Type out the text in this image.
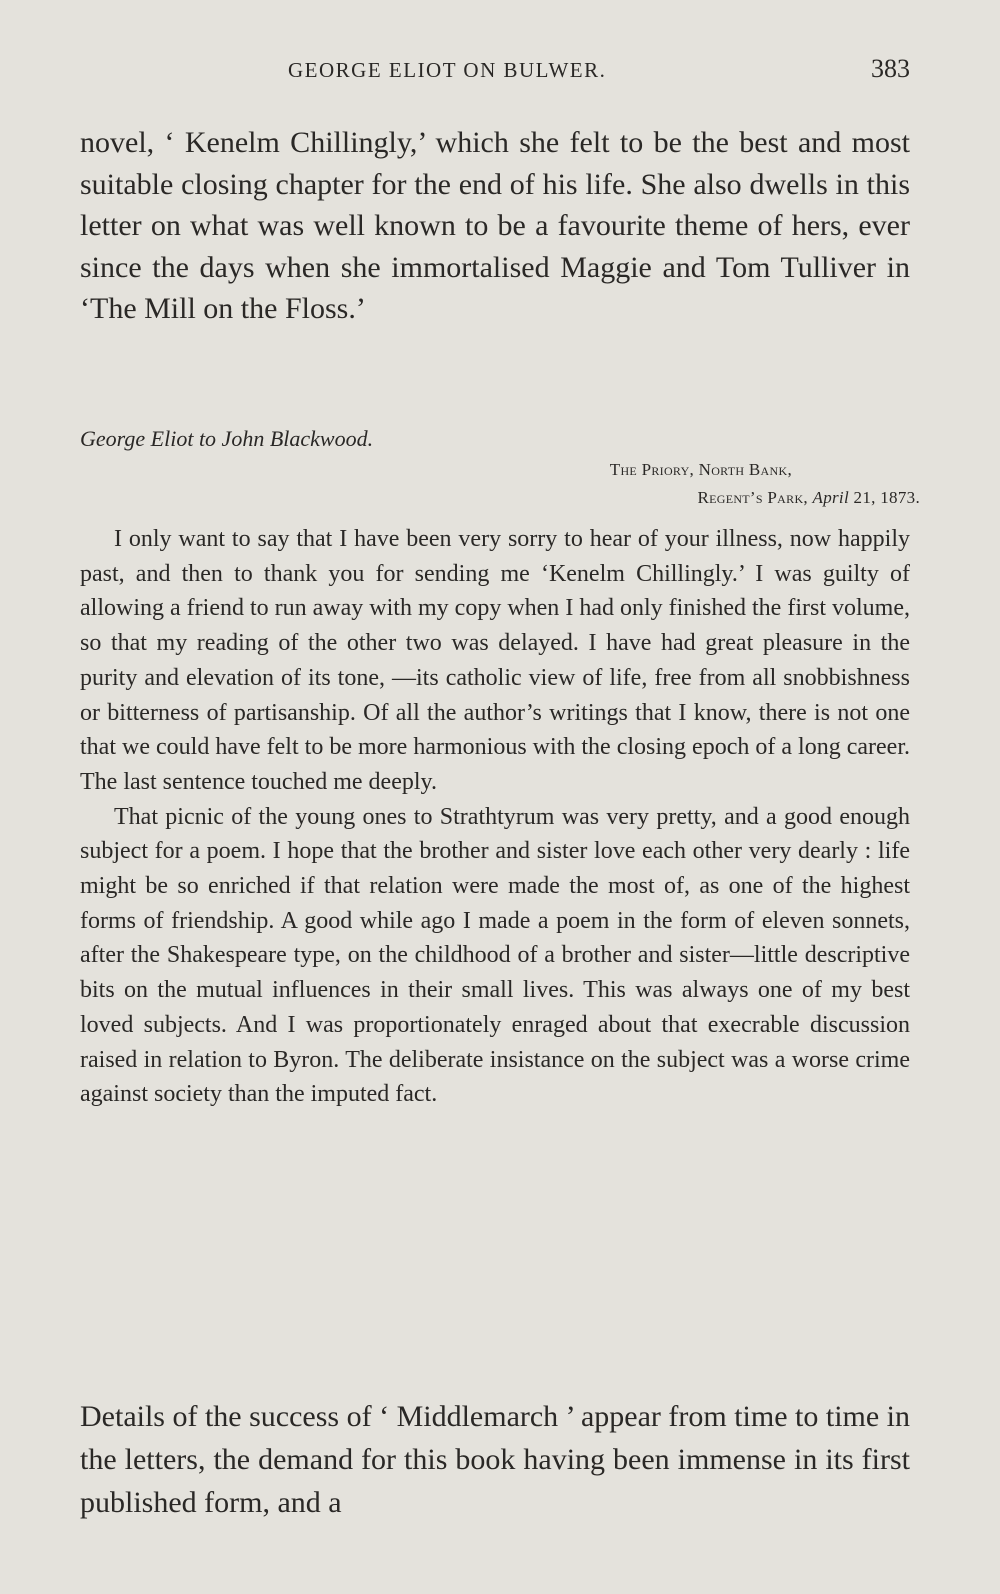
GEORGE ELIOT ON BULWER.	383
novel, ‘ Kenelm Chillingly,’ which she felt to be the best and most suitable closing chapter for the end of his life. She also dwells in this letter on what was well known to be a favourite theme of hers, ever since the days when she immortalised Maggie and Tom Tulliver in ‘The Mill on the Floss.’
George Eliot to John Blackwood.
The Priory, North Bank,
Regent’s Park, April 21, 1873.

I only want to say that I have been very sorry to hear of your illness, now happily past, and then to thank you for sending me ‘Kenelm Chillingly.’ I was guilty of allowing a friend to run away with my copy when I had only finished the first volume, so that my reading of the other two was delayed. I have had great pleasure in the purity and elevation of its tone, —its catholic view of life, free from all snobbishness or bitterness of partisanship. Of all the author’s writings that I know, there is not one that we could have felt to be more harmonious with the closing epoch of a long career. The last sentence touched me deeply.

That picnic of the young ones to Strathtyrum was very pretty, and a good enough subject for a poem. I hope that the brother and sister love each other very dearly : life might be so enriched if that relation were made the most of, as one of the highest forms of friendship. A good while ago I made a poem in the form of eleven sonnets, after the Shakespeare type, on the childhood of a brother and sister—little descriptive bits on the mutual influences in their small lives. This was always one of my best loved subjects. And I was proportionately enraged about that execrable discussion raised in relation to Byron. The deliberate insistance on the subject was a worse crime against society than the imputed fact.

Details of the success of ‘ Middlemarch ’ appear from time to time in the letters, the demand for this book having been immense in its first published form, and a
